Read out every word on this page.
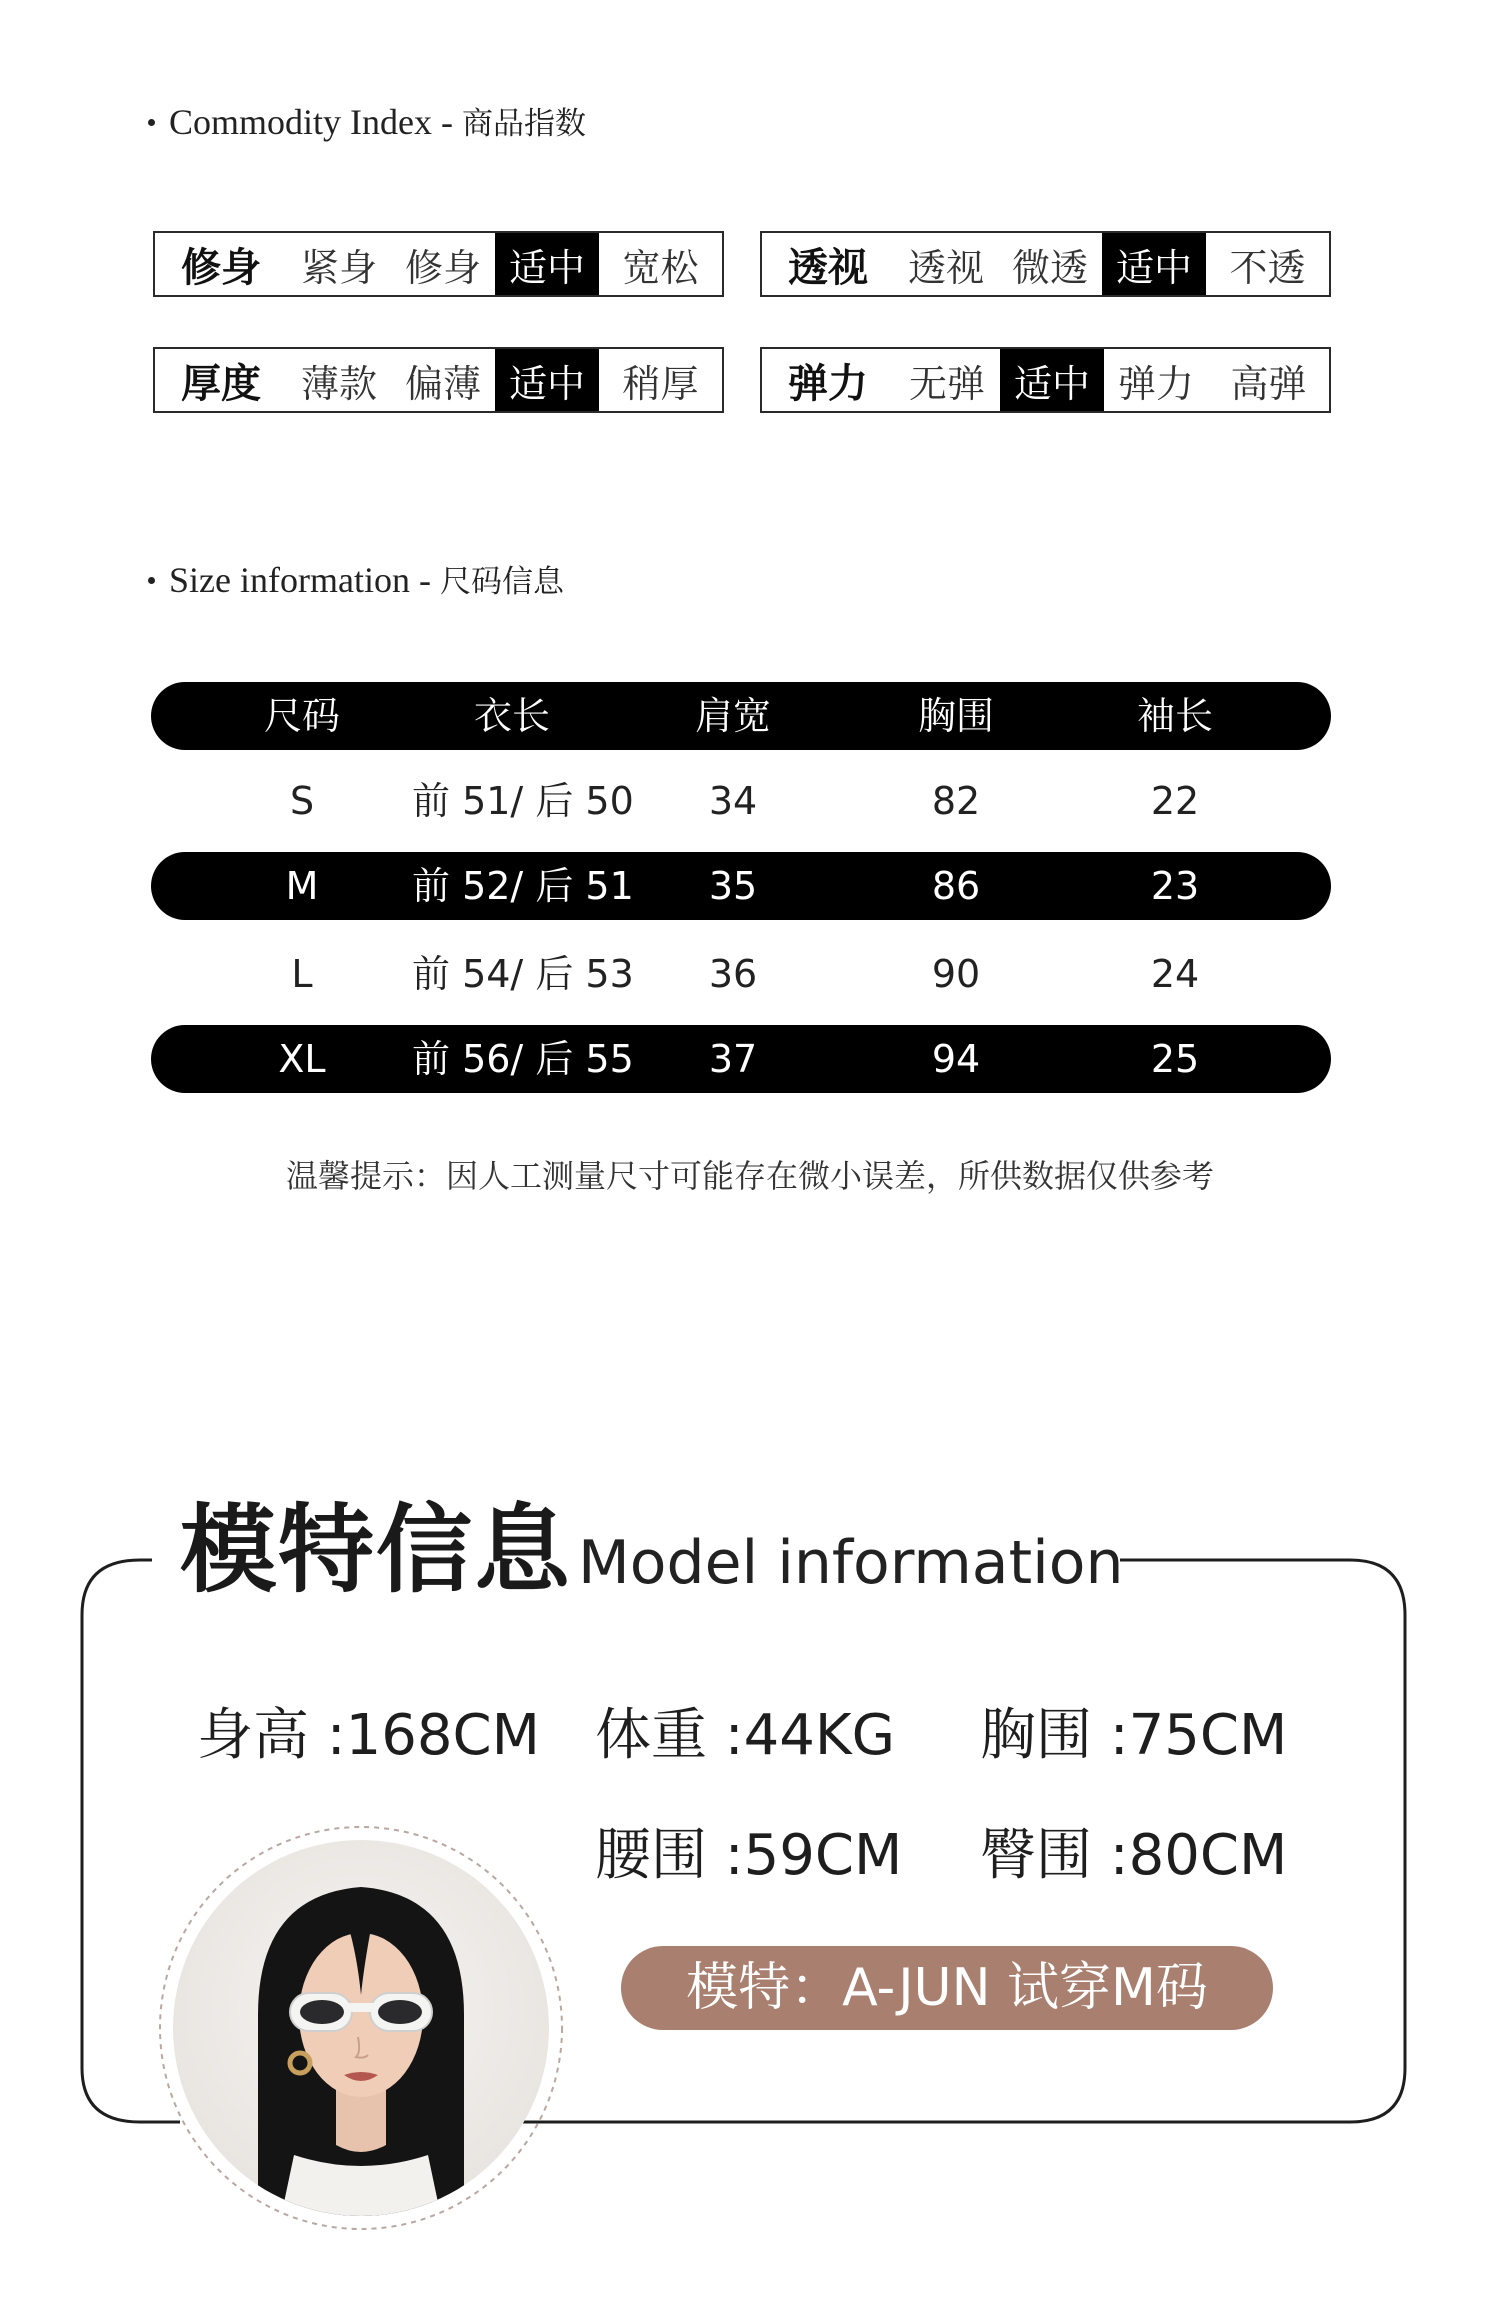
Commodity Index - 商品指数
修身	紧身 修身 适中 宽松	透视	透视 微透 适中 不透
厚度	薄款 偏薄 适中 稍厚	弹力	无弹 适中 弹力 高弹
Size information - 尺码信息
尺码	衣长	肩宽	胸围	袖长
S	前 51/ 后 50	34	82	22
M	前 52/ 后 51	35	86	23
L	前 54/ 后 53	36	90	24
XL	前 56/ 后 55	37	94	25
温馨提示：因人工测量尺寸可能存在微小误差，所供数据仅供参考
模特信息 Model information
身高 :168CM 体重 :44KG 胸围 :75CM
腰围 :59CM 臀围 :80CM
模特：A-JUN 试穿M码
